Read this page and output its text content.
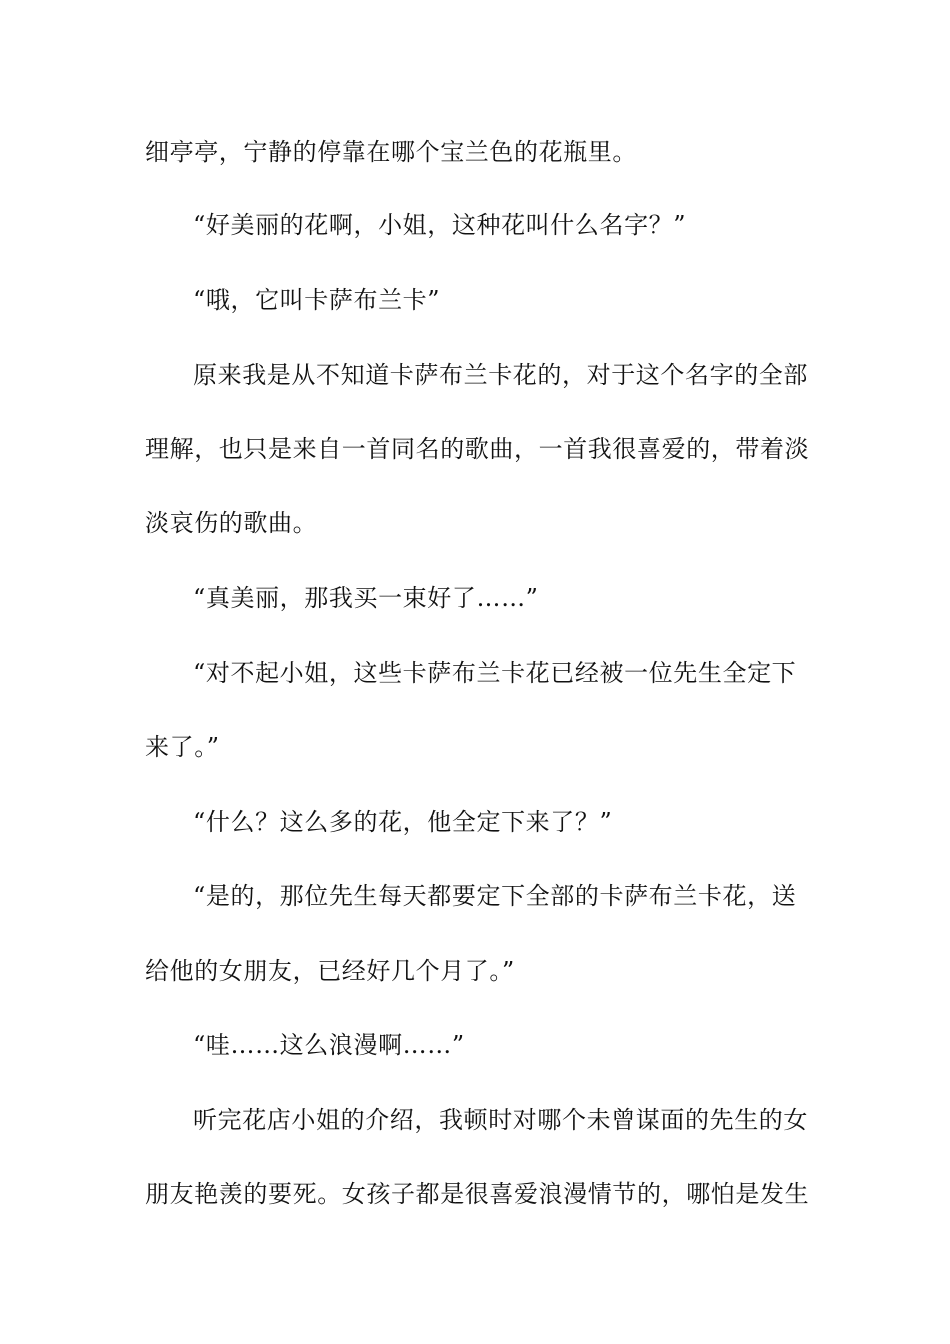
细亭亭，宁静的停靠在哪个宝兰色的花瓶里。
“好美丽的花啊，小姐，这种花叫什么名字？”
“哦，它叫卡萨布兰卡”
原来我是从不知道卡萨布兰卡花的，对于这个名字的全部
理解，也只是来自一首同名的歌曲，一首我很喜爱的，带着淡
淡哀伤的歌曲。
“真美丽，那我买一束好了……”
“对不起小姐，这些卡萨布兰卡花已经被一位先生全定下
来了。”
“什么？这么多的花，他全定下来了？”
“是的，那位先生每天都要定下全部的卡萨布兰卡花，送
给他的女朋友，已经好几个月了。”
“哇……这么浪漫啊……”
听完花店小姐的介绍，我顿时对哪个未曾谋面的先生的女
朋友艳羡的要死。女孩子都是很喜爱浪漫情节的，哪怕是发生
